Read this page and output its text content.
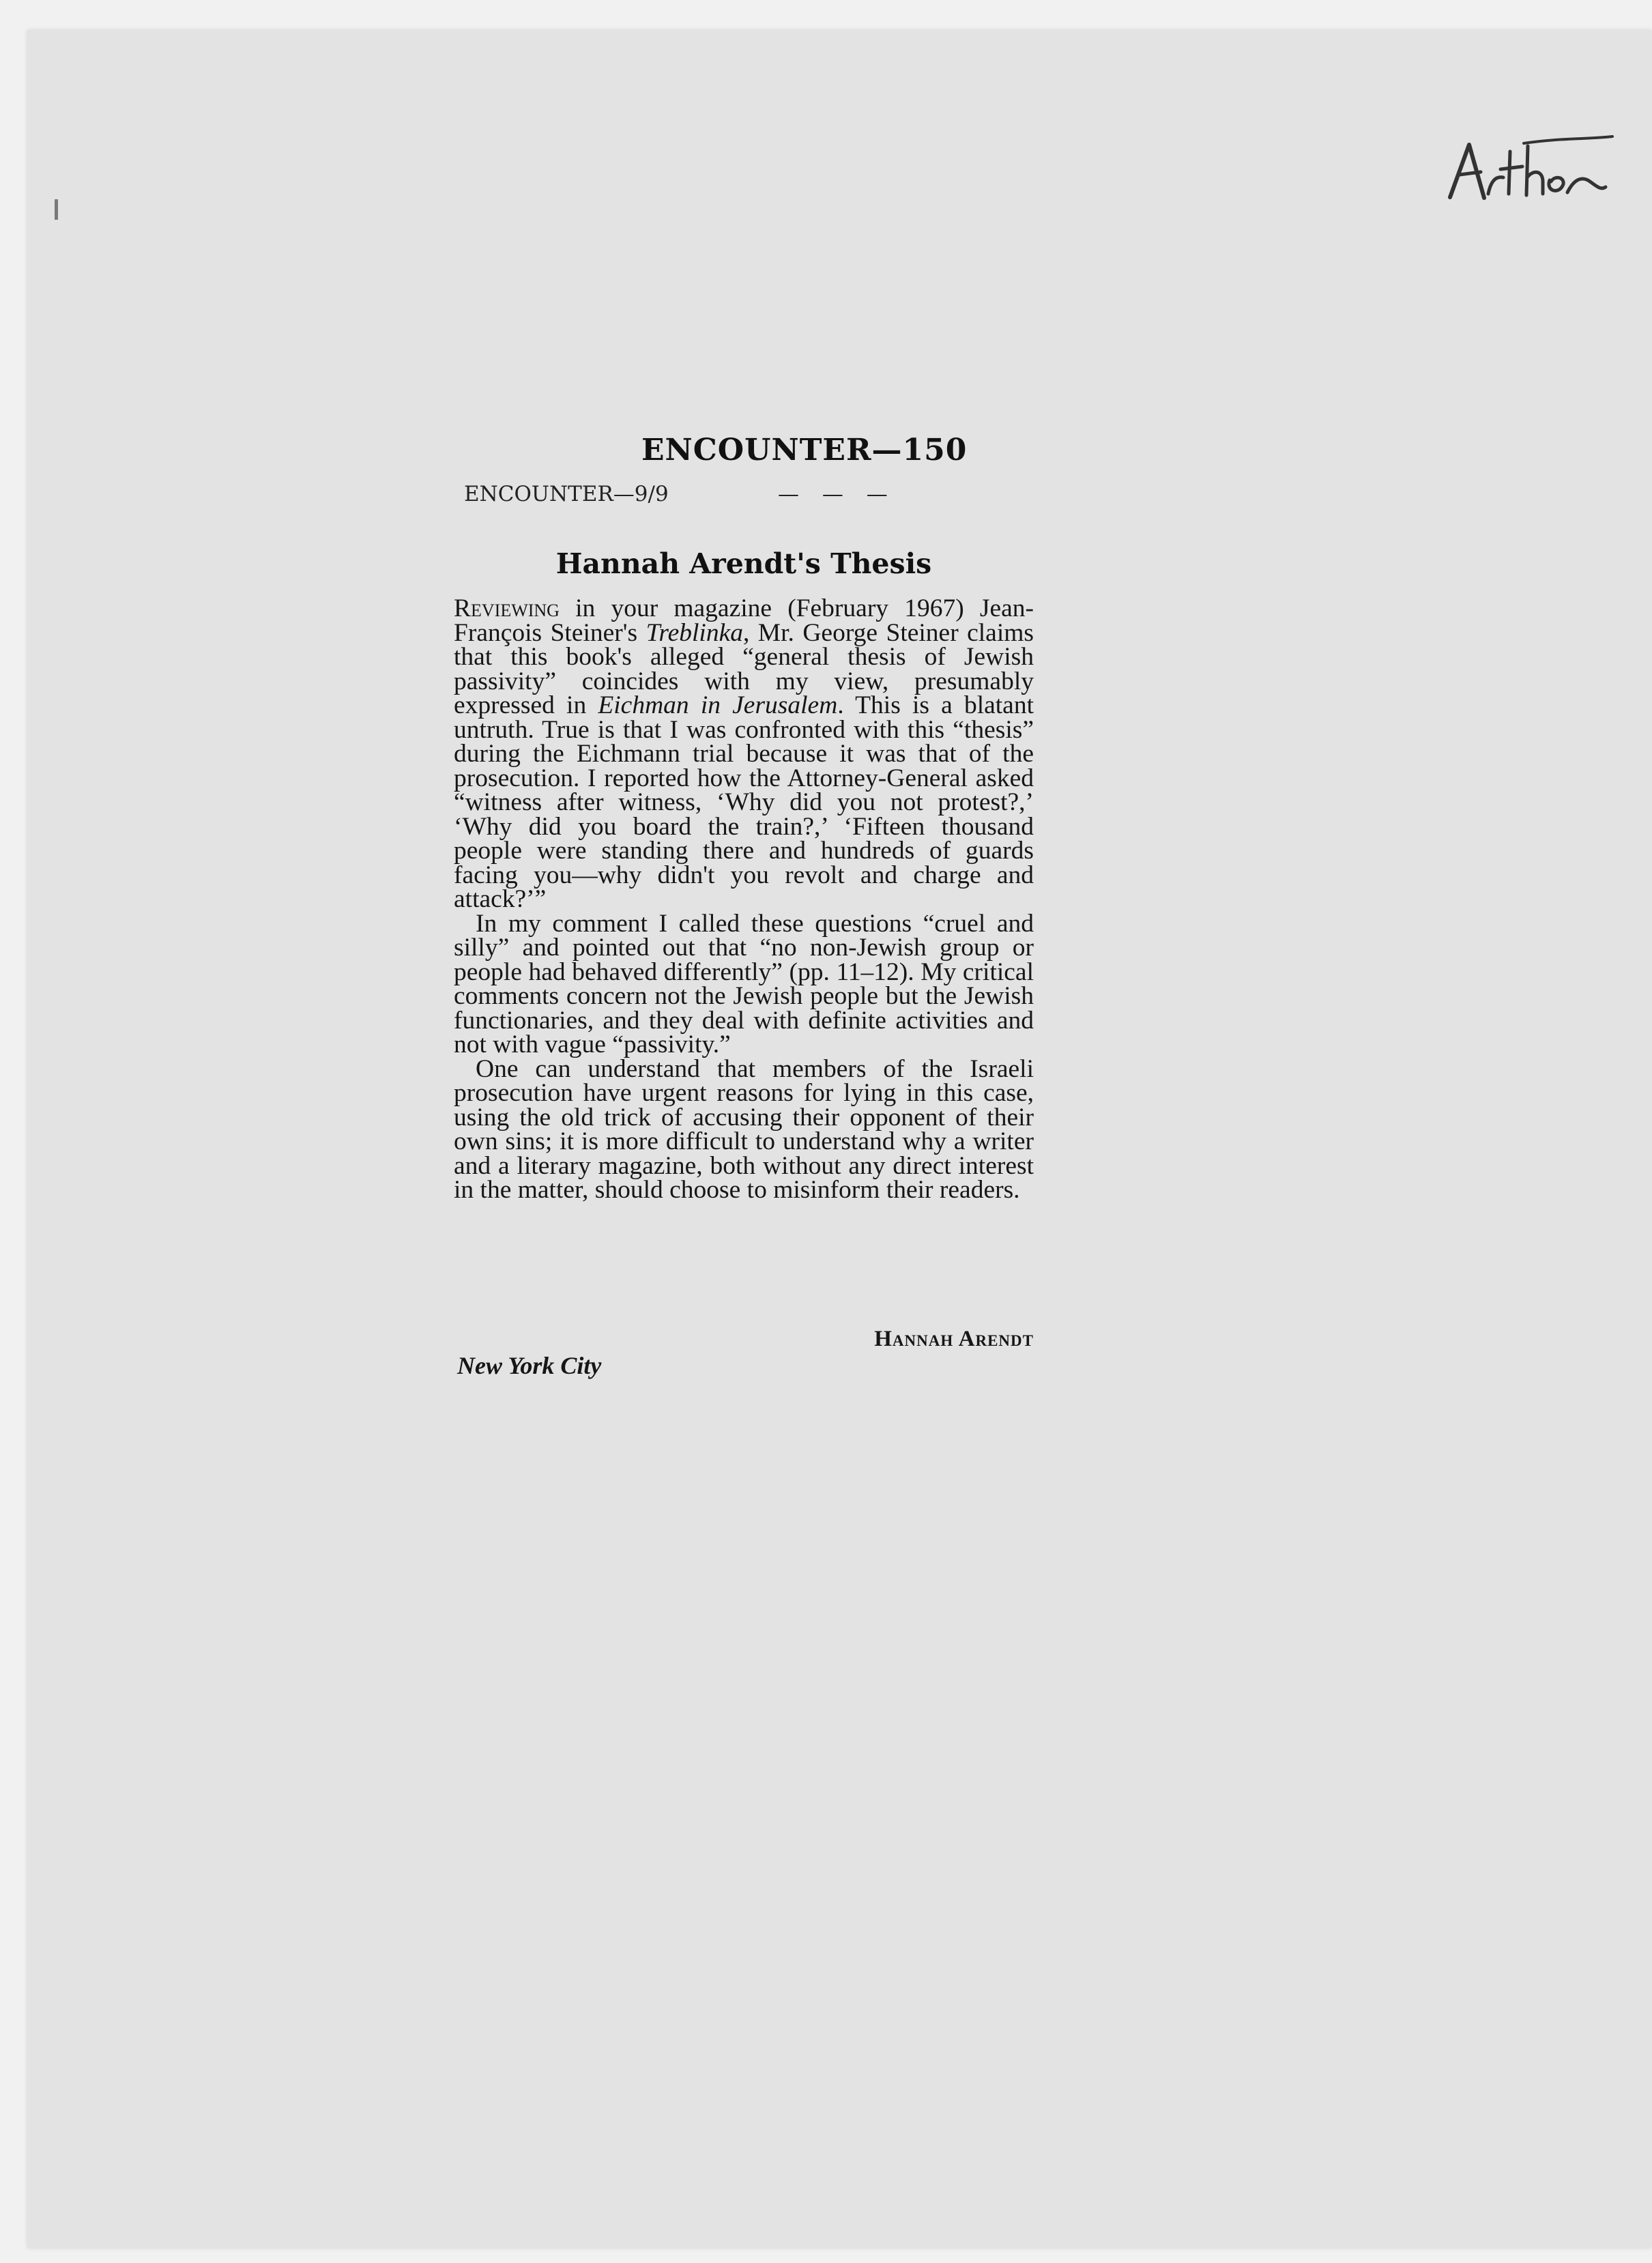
ENCOUNTER—150
ENCOUNTER—9/9	— — —
Hannah Arendt's Thesis

Reviewing in your magazine (February 1967) Jean-François Steiner's Treblinka, Mr. George Steiner claims that this book's alleged “general thesis of Jewish passivity” coincides with my view, presumably expressed in Eichman in Jerusalem. This is a blatant untruth. True is that I was confronted with this “thesis” during the Eichmann trial because it was that of the prosecution. I reported how the Attorney-General asked “witness after witness, ‘Why did you not protest?,’ ‘Why did you board the train?,’ ‘Fifteen thousand people were standing there and hundreds of guards facing you—why didn't you revolt and charge and attack?’”

In my comment I called these questions “cruel and silly” and pointed out that “no non-Jewish group or people had behaved differently” (pp. 11–12). My critical comments concern not the Jewish people but the Jewish functionaries, and they deal with definite activities and not with vague “passivity.”

One can understand that members of the Israeli prosecution have urgent reasons for lying in this case, using the old trick of accusing their opponent of their own sins; it is more difficult to understand why a writer and a literary magazine, both without any direct interest in the matter, should choose to misinform their readers.

Hannah Arendt
New York City
